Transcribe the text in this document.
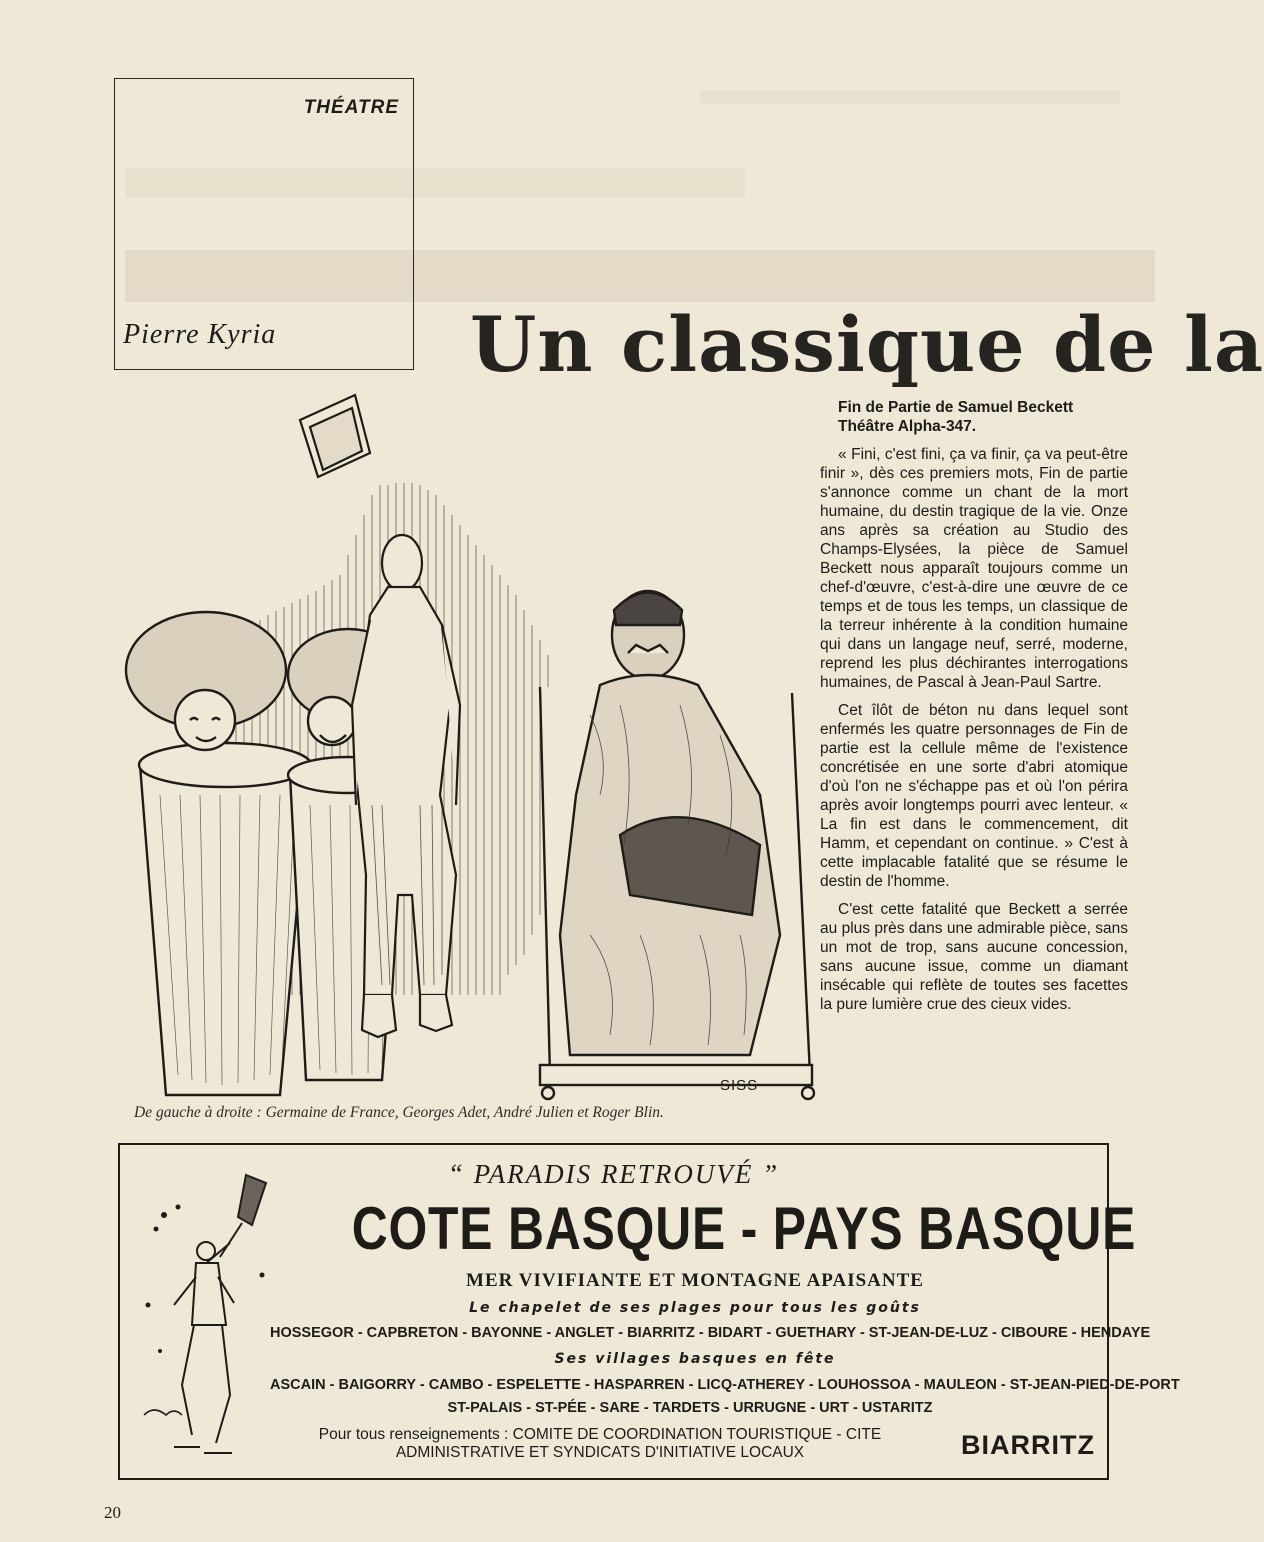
THÉATRE

Pierre Kyria	Un classique de la
SISS

De gauche à droite : Germaine de France, Georges Adet, André Julien et Roger Blin.

Fin de Partie de Samuel Beckett
Théâtre Alpha-347.

« Fini, c'est fini, ça va finir, ça va peut-être finir », dès ces premiers mots, Fin de partie s'annonce comme un chant de la mort humaine, du destin tragique de la vie. Onze ans après sa création au Studio des Champs-Elysées, la pièce de Samuel Beckett nous apparaît toujours comme un chef-d'œuvre, c'est-à-dire une œuvre de ce temps et de tous les temps, un classique de la terreur inhérente à la condition humaine qui dans un langage neuf, serré, moderne, reprend les plus déchirantes interrogations humaines, de Pascal à Jean-Paul Sartre.

Cet îlôt de béton nu dans lequel sont enfermés les quatre personnages de Fin de partie est la cellule même de l'existence concrétisée en une sorte d'abri atomique d'où l'on ne s'échappe pas et où l'on périra après avoir longtemps pourri avec lenteur. « La fin est dans le commencement, dit Hamm, et cependant on continue. » C'est à cette implacable fatalité que se résume le destin de l'homme.

C'est cette fatalité que Beckett a serrée au plus près dans une admirable pièce, sans un mot de trop, sans aucune concession, sans aucune issue, comme un diamant insécable qui reflète de toutes ses facettes la pure lumière crue des cieux vides.

“ PARADIS RETROUVÉ ”

COTE BASQUE - PAYS BASQUE

MER VIVIFIANTE ET MONTAGNE APAISANTE

Le chapelet de ses plages pour tous les goûts

HOSSEGOR - CAPBRETON - BAYONNE - ANGLET - BIARRITZ - BIDART - GUETHARY - ST-JEAN-DE-LUZ - CIBOURE - HENDAYE

Ses villages basques en fête

ASCAIN - BAIGORRY - CAMBO - ESPELETTE - HASPARREN - LICQ-ATHEREY - LOUHOSSOA - MAULEON - ST-JEAN-PIED-DE-PORT

ST-PALAIS - ST-PÉE - SARE - TARDETS - URRUGNE - URT - USTARITZ

Pour tous renseignements : COMITE DE COORDINATION TOURISTIQUE - CITE
ADMINISTRATIVE ET SYNDICATS D'INITIATIVE LOCAUX	BIARRITZ

20
